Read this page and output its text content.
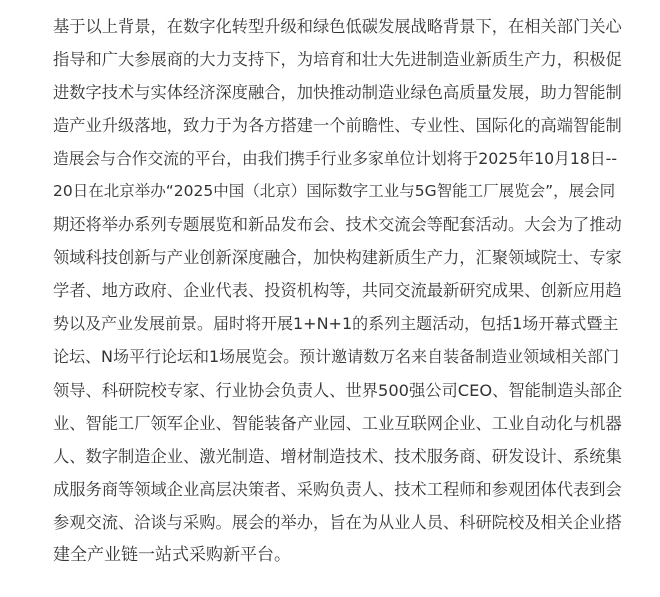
基于以上背景，在数字化转型升级和绿色低碳发展战略背景下，在相关部门关心
指导和广大参展商的大力支持下，为培育和壮大先进制造业新质生产力，积极促
进数字技术与实体经济深度融合，加快推动制造业绿色高质量发展，助力智能制
造产业升级落地，致力于为各方搭建一个前瞻性、专业性、国际化的高端智能制
造展会与合作交流的平台，由我们携手行业多家单位计划将于2025年10月18日--
20日在北京举办“2025中国（北京）国际数字工业与5G智能工厂展览会”，展会同
期还将举办系列专题展览和新品发布会、技术交流会等配套活动。大会为了推动
领域科技创新与产业创新深度融合，加快构建新质生产力，汇聚领域院士、专家
学者、地方政府、企业代表、投资机构等，共同交流最新研究成果、创新应用趋
势以及产业发展前景。届时将开展1+N+1的系列主题活动，包括1场开幕式暨主
论坛、N场平行论坛和1场展览会。预计邀请数万名来自装备制造业领域相关部门
领导、科研院校专家、行业协会负责人、世界500强公司CEO、智能制造头部企
业、智能工厂领军企业、智能装备产业园、工业互联网企业、工业自动化与机器
人、数字制造企业、激光制造、增材制造技术、技术服务商、研发设计、系统集
成服务商等领域企业高层决策者、采购负责人、技术工程师和参观团体代表到会
参观交流、洽谈与采购。展会的举办，旨在为从业人员、科研院校及相关企业搭
建全产业链一站式采购新平台。
